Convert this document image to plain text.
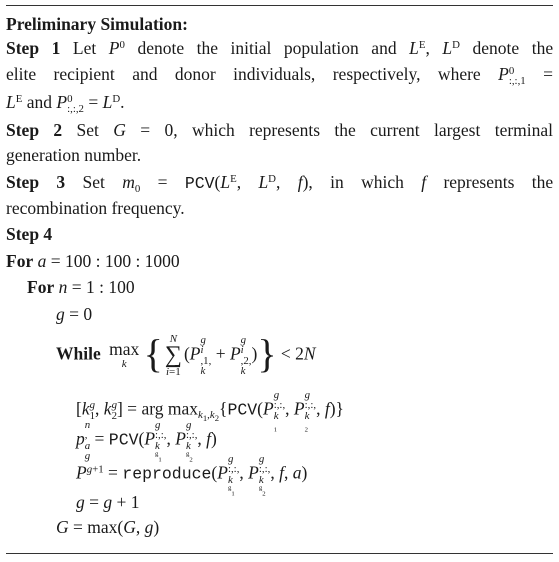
Preliminary Simulation:
Step 1 Let $P^0$ denote the initial population and $L^E$, $L^D$ denote the
elite recipient and donor individuals, respectively, where P 0
:,:,1 =
$L^E$ and P 0
:,:,2 = $L^D$.
Step 2 Set G = 0, which represents the current largest terminal
generation number.
Step 3 Set $m_0 = PCV(L^E$, $L^D$, f), in which f represents the
recombination frequency.
Step 4
For a = 100 : 100 : 1000
For n = 1 : 100
g = 0
While max
k { N
∑
i=1
(P
g
i
,1,
k
+ P
g
i
,2,
k
)} < 2N
[k g
1 , k g
2 ] = arg $\max_{k_1,k_2}\{PCV(P$
g
:,:,
k
$_1$
, P
g
:,:,
k
$_2$
, f)}
p
n
,
a
g
= PCV(P
g
:,:,
k
$^g_1$
, P
g
:,:,
k
$^g_2$
, f)
$P^{g+1}$ = reproduce(P
g
:,:,
k
$^g_1$
, P
g
:,:,
k
$^g_2$
, f, a)
g = g + 1
G = max(G, g)
